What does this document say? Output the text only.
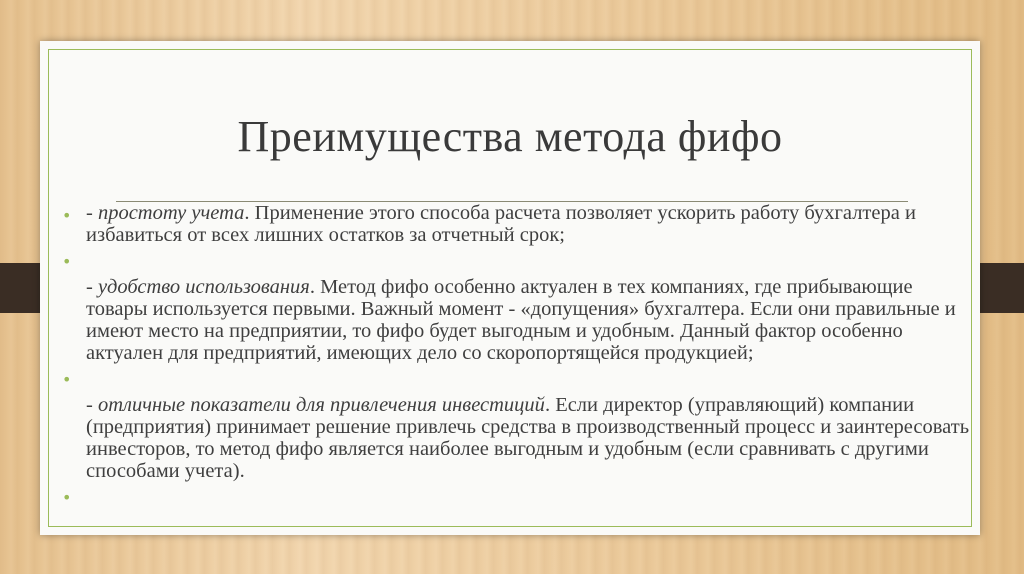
Преимущества метода фифо
• - простоту учета. Применение этого способа расчета позволяет ускорить работу бухгалтера и избавиться от всех лишних остатков за отчетный срок;
•
- удобство использования. Метод фифо особенно актуален в тех компаниях, где прибывающие товары используется первыми. Важный момент - «допущения» бухгалтера. Если они правильные и имеют место на предприятии, то фифо будет выгодным и удобным. Данный фактор особенно актуален для предприятий, имеющих дело со скоропортящейся продукцией;
•
- отличные показатели для привлечения инвестиций. Если директор (управляющий) компании (предприятия) принимает решение привлечь средства в производственный процесс и заинтересовать инвесторов, то метод фифо является наиболее выгодным и удобным (если сравнивать с другими способами учета).
•
